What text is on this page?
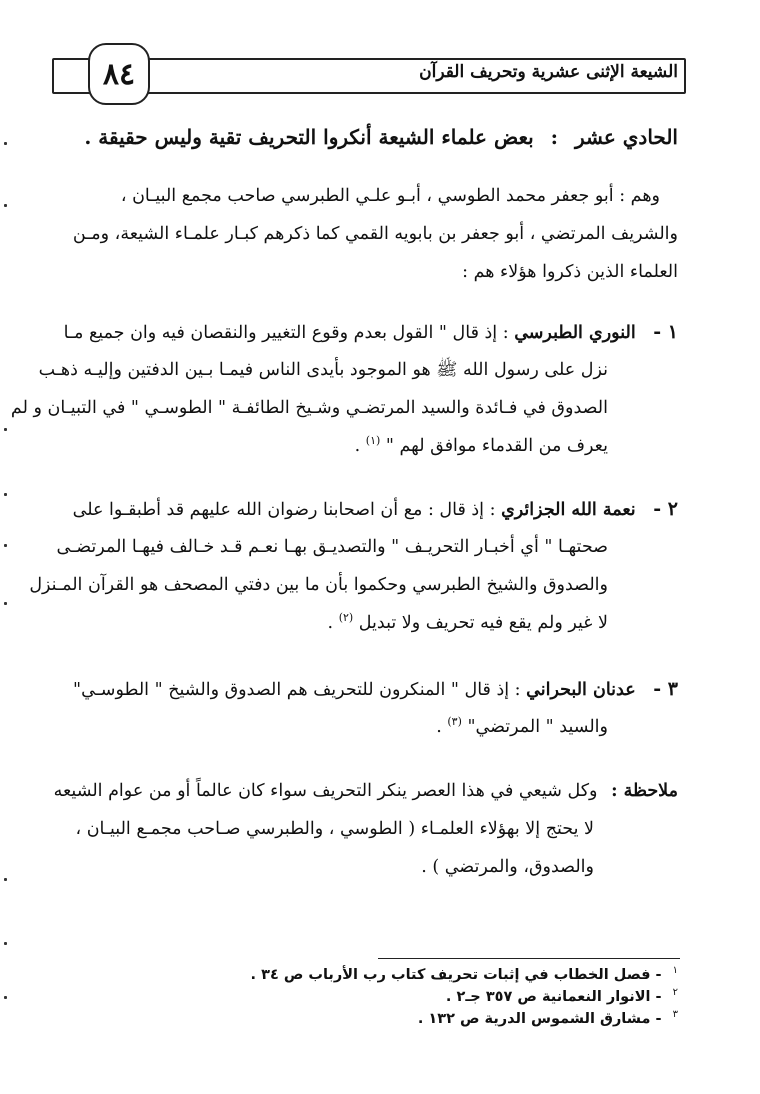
٨٤	الشيعة الإثنى عشرية وتحريف القرآن
الحادي عشر : بعض علماء الشيعة أنكروا التحريف تقية وليس حقيقة .
وهم : أبو جعفر محمد الطوسي ، أبـو علـي الطبرسي صاحب مجمع البيـان ،
والشريف المرتضي ، أبو جعفر بن بابويه القمي كما ذكرهم كبـار علمـاء الشيعة، ومـن
العلماء الذين ذكروا هؤلاء هم :
١ - النوري الطبرسي : إذ قال " القول بعدم وقوع التغيير والنقصان فيه وان جميع مـا
نزل على رسول الله ﷺ هو الموجود بأيدى الناس فيمـا بـين الدفتين وإليـه ذهـب
الصدوق في فـائدة والسيد المرتضـي وشـيخ الطائفـة " الطوسـي " في التبيـان و لم
يعرف من القدماء موافق لهم " $^{(١)}$ .
٢ - نعمة الله الجزائري : إذ قال : مع أن اصحابنا رضوان الله عليهم قد أطبقـوا على
صحتهـا " أي أخبـار التحريـف " والتصديـق بهـا نعـم قـد خـالف فيهـا المرتضـى
والصدوق والشيخ الطبرسي وحكموا بأن ما بين دفتي المصحف هو القرآن المـنزل
لا غير ولم يقع فيه تحريف ولا تبديل $^{(٢)}$ .
٣ - عدنان البحراني : إذ قال " المنكرون للتحريف هم الصدوق والشيخ " الطوسـي"
والسيد " المرتضي" $^{(٣)}$ .
ملاحظة : وكل شيعي في هذا العصر ينكر التحريف سواء كان عالماً أو من عوام الشيعه
لا يحتج إلا بهؤلاء العلمـاء ( الطوسي ، والطبرسي صـاحب مجمـع البيـان ،
والصدوق، والمرتضي ) .
$^١$ - فصل الخطاب في إثبات تحريف كتاب رب الأرباب ص ٣٤ .
$^٢$ - الانوار النعمانية ص ٣٥٧ جـ٢ .
$^٣$ - مشارق الشموس الدرية ص ١٣٢ .
